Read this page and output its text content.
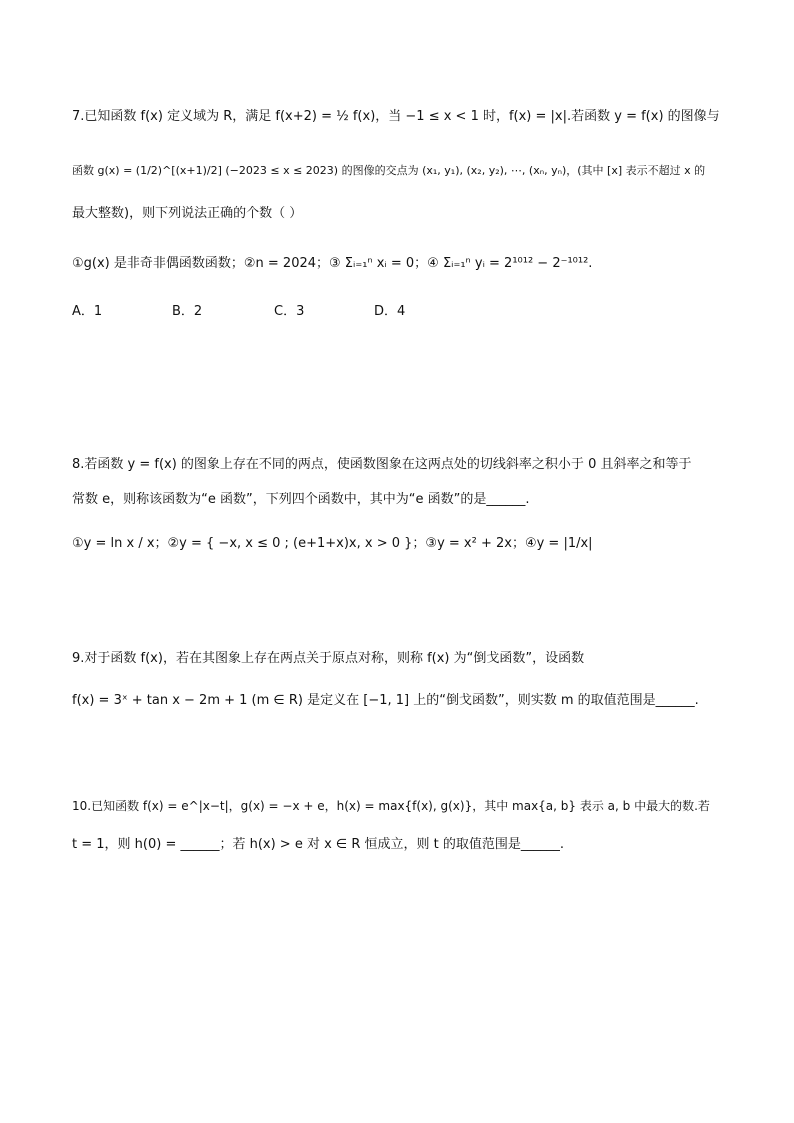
7.已知函数 f(x) 定义域为 R，满足 f(x+2) = ½ f(x)，当 −1 ≤ x < 1 时，f(x) = |x|.若函数 y = f(x) 的图像与
函数 g(x) = (1/2)^[(x+1)/2] (−2023 ≤ x ≤ 2023) 的图像的交点为 (x₁, y₁), (x₂, y₂), ⋯, (xₙ, yₙ)，(其中 [x] 表示不超过 x 的
最大整数)，则下列说法正确的个数（ ）
①g(x) 是非奇非偶函数函数；②n = 2024；③ Σᵢ₌₁ⁿ xᵢ = 0；④ Σᵢ₌₁ⁿ yᵢ = 2¹⁰¹² − 2⁻¹⁰¹².
A．1	B．2	C．3	D．4
8.若函数 y = f(x) 的图象上存在不同的两点，使函数图象在这两点处的切线斜率之积小于 0 且斜率之和等于
常数 e，则称该函数为“e 函数”，下列四个函数中，其中为“e 函数”的是______.
①y = ln x / x；②y = { −x, x ≤ 0 ; (e+1+x)x, x > 0 }；③y = x² + 2x；④y = |1/x|
9.对于函数 f(x)，若在其图象上存在两点关于原点对称，则称 f(x) 为“倒戈函数”，设函数
f(x) = 3ˣ + tan x − 2m + 1 (m ∈ R) 是定义在 [−1, 1] 上的“倒戈函数”，则实数 m 的取值范围是______.
10.已知函数 f(x) = e^|x−t|，g(x) = −x + e，h(x) = max{f(x), g(x)}，其中 max{a, b} 表示 a, b 中最大的数.若
t = 1，则 h(0) = ______；若 h(x) > e 对 x ∈ R 恒成立，则 t 的取值范围是______.
